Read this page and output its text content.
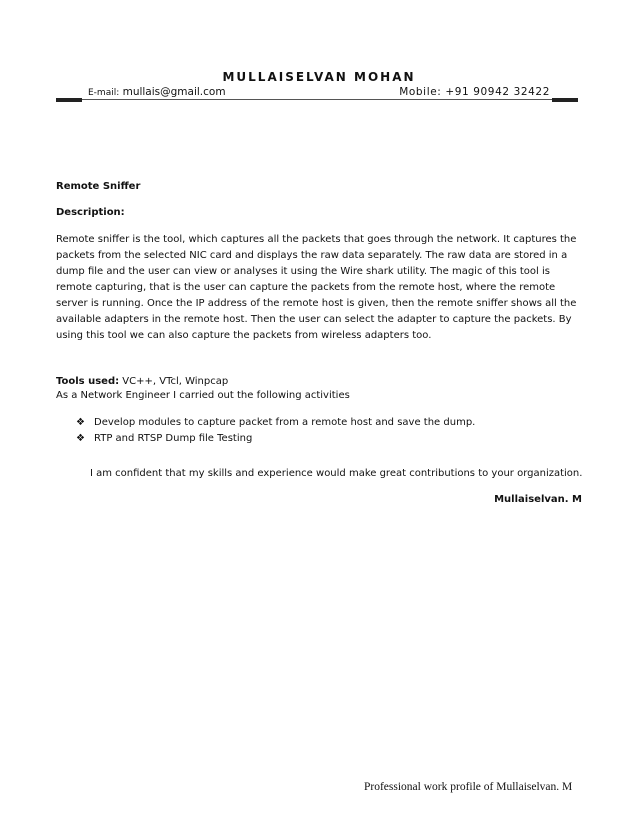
MULLAISELVAN MOHAN
E-mail: mullais@gmail.com	Mobile: +91 90942 32422
Remote Sniffer
Description:
Remote sniffer is the tool, which captures all the packets that goes through the network. It captures the packets from the selected NIC card and displays the raw data separately. The raw data are stored in a dump file and the user can view or analyses it using the Wire shark utility. The magic of this tool is remote capturing, that is the user can capture the packets from the remote host, where the remote server is running. Once the IP address of the remote host is given, then the remote sniffer shows all the available adapters in the remote host. Then the user can select the adapter to capture the packets. By using this tool we can also capture the packets from wireless adapters too.
Tools used: VC++, VTcl, Winpcap
As a Network Engineer I carried out the following activities
❖ Develop modules to capture packet from a remote host and save the dump.
❖ RTP and RTSP Dump file Testing
I am confident that my skills and experience would make great contributions to your organization.
Mullaiselvan. M
Professional work profile of Mullaiselvan. M
